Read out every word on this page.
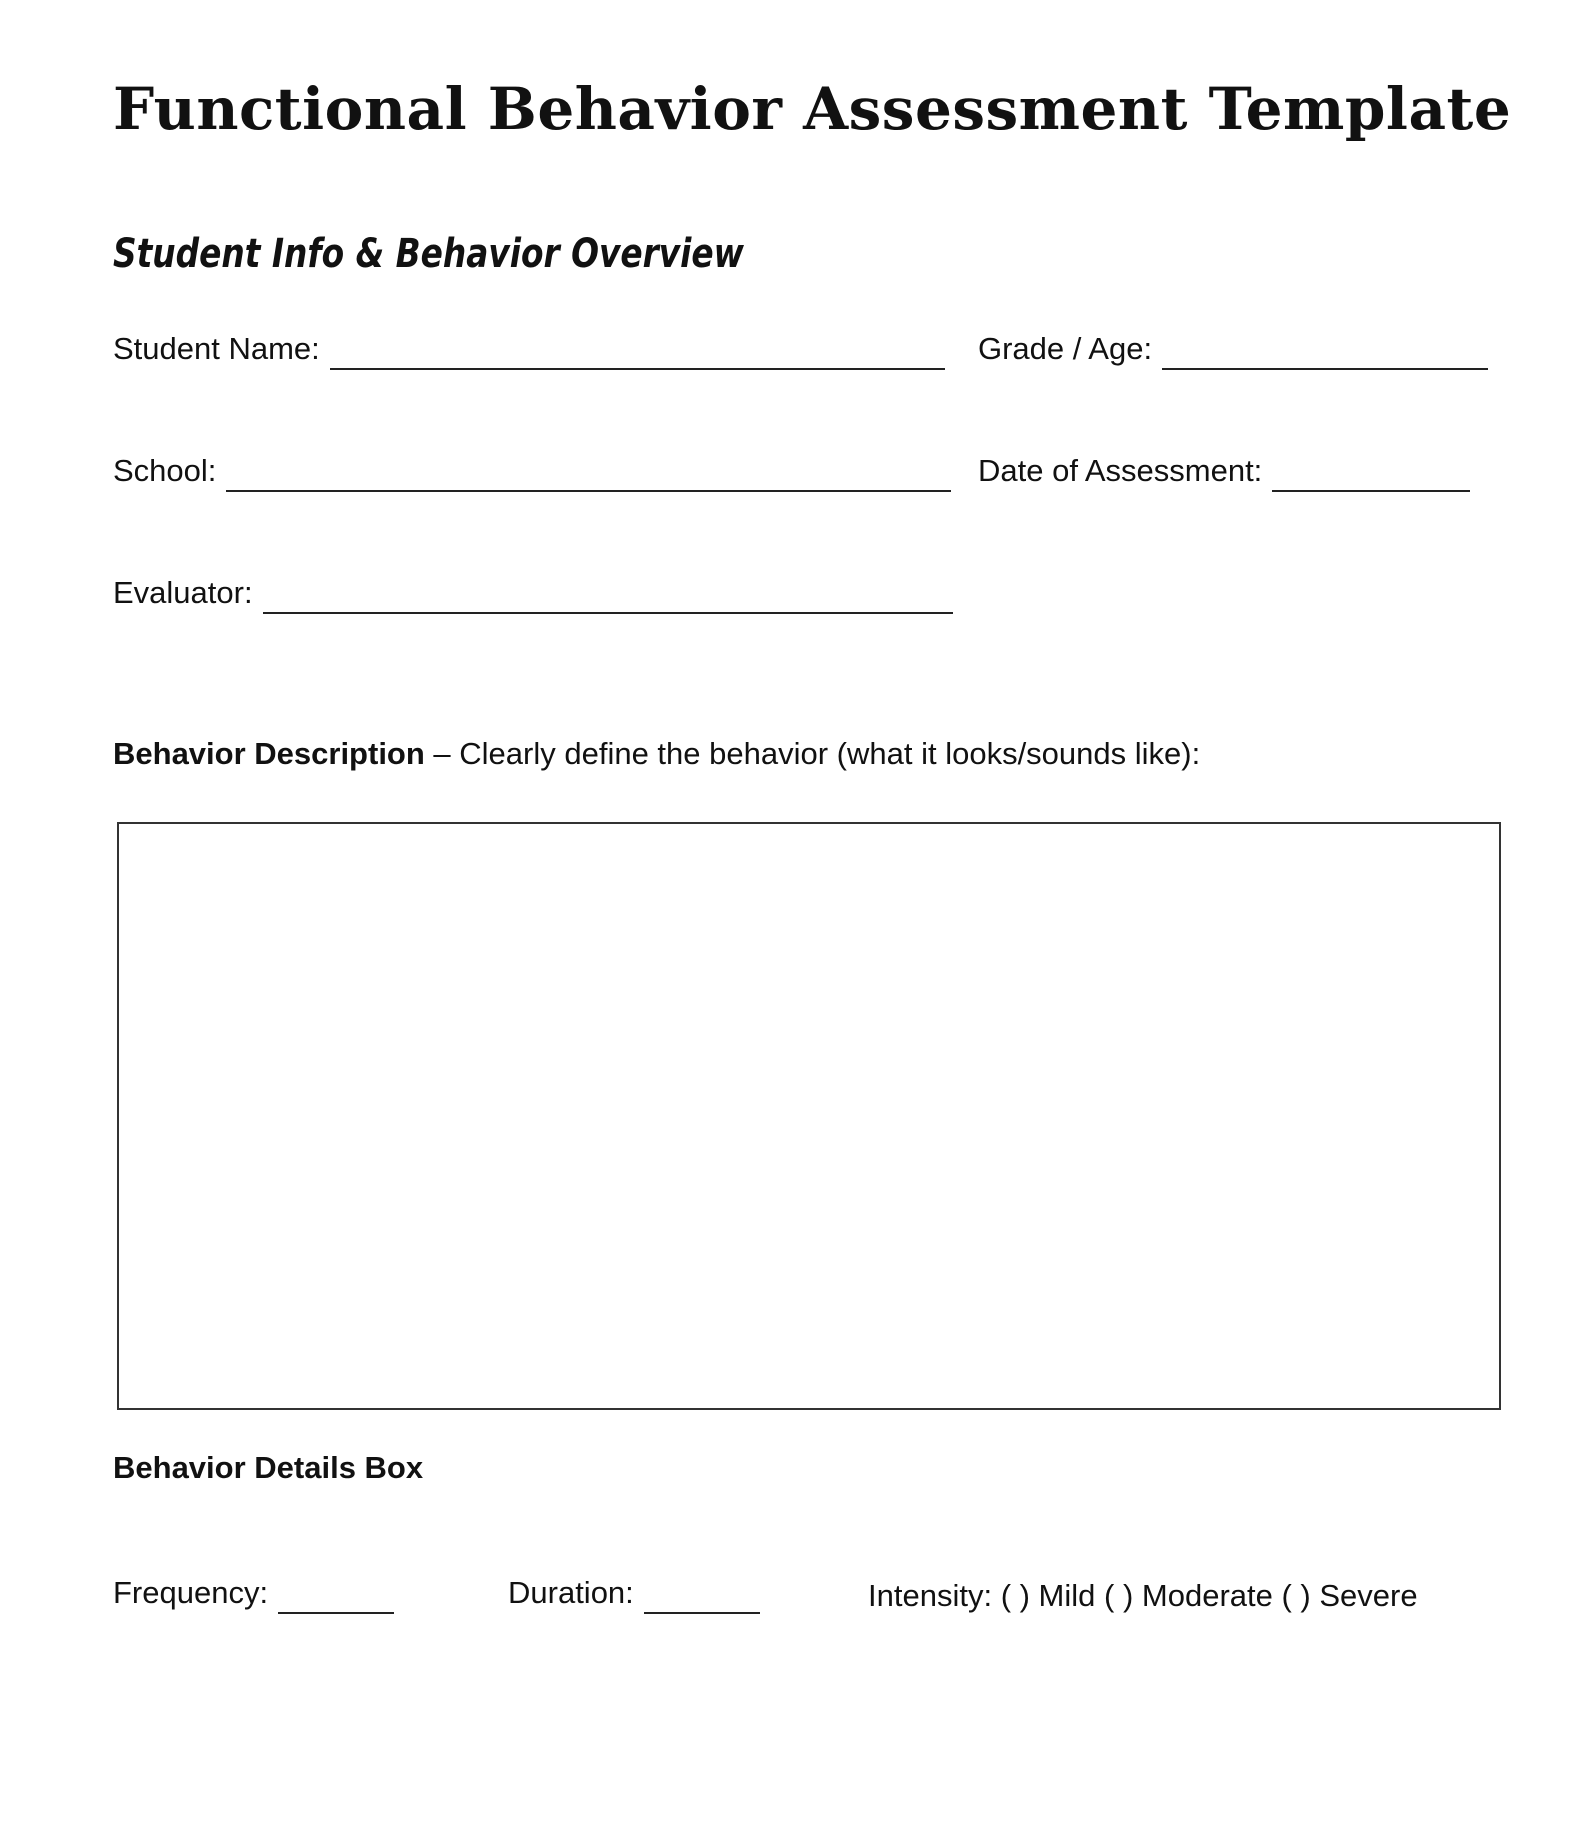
Functional Behavior Assessment Template
Student Info & Behavior Overview
Student Name:	Grade / Age:
School:	Date of Assessment:
Evaluator:
Behavior Description – Clearly define the behavior (what it looks/sounds like):
Behavior Details Box
Frequency:	Duration:	Intensity: ( ) Mild ( ) Moderate ( ) Severe
